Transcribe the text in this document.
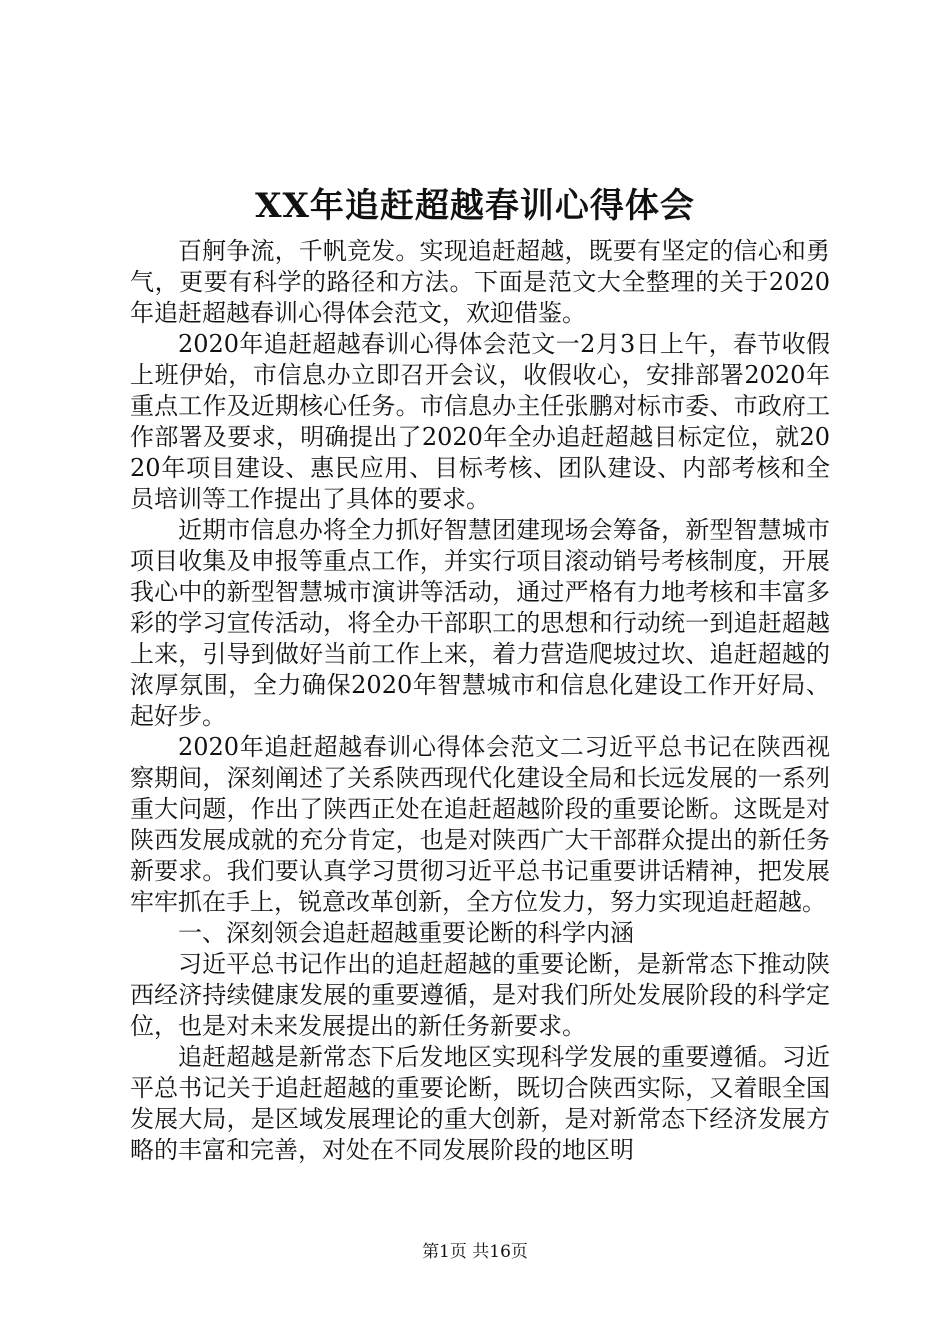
XX年追赶超越春训心得体会

百舸争流，千帆竞发。实现追赶超越，既要有坚定的信心和勇气，更要有科学的路径和方法。下面是范文大全整理的关于2020年追赶超越春训心得体会范文，欢迎借鉴。

2020年追赶超越春训心得体会范文一2月3日上午，春节收假上班伊始，市信息办立即召开会议，收假收心，安排部署2020年重点工作及近期核心任务。市信息办主任张鹏对标市委、市政府工作部署及要求，明确提出了2020年全办追赶超越目标定位，就2020年项目建设、惠民应用、目标考核、团队建设、内部考核和全员培训等工作提出了具体的要求。

近期市信息办将全力抓好智慧团建现场会筹备，新型智慧城市项目收集及申报等重点工作，并实行项目滚动销号考核制度，开展我心中的新型智慧城市演讲等活动，通过严格有力地考核和丰富多彩的学习宣传活动，将全办干部职工的思想和行动统一到追赶超越上来，引导到做好当前工作上来，着力营造爬坡过坎、追赶超越的浓厚氛围，全力确保2020年智慧城市和信息化建设工作开好局、起好步。

2020年追赶超越春训心得体会范文二习近平总书记在陕西视察期间，深刻阐述了关系陕西现代化建设全局和长远发展的一系列重大问题，作出了陕西正处在追赶超越阶段的重要论断。这既是对陕西发展成就的充分肯定，也是对陕西广大干部群众提出的新任务新要求。我们要认真学习贯彻习近平总书记重要讲话精神，把发展牢牢抓在手上，锐意改革创新，全方位发力，努力实现追赶超越。

一、深刻领会追赶超越重要论断的科学内涵

习近平总书记作出的追赶超越的重要论断，是新常态下推动陕西经济持续健康发展的重要遵循，是对我们所处发展阶段的科学定位，也是对未来发展提出的新任务新要求。

追赶超越是新常态下后发地区实现科学发展的重要遵循。习近平总书记关于追赶超越的重要论断，既切合陕西实际，又着眼全国发展大局，是区域发展理论的重大创新，是对新常态下经济发展方略的丰富和完善，对处在不同发展阶段的地区明

第1页 共16页
